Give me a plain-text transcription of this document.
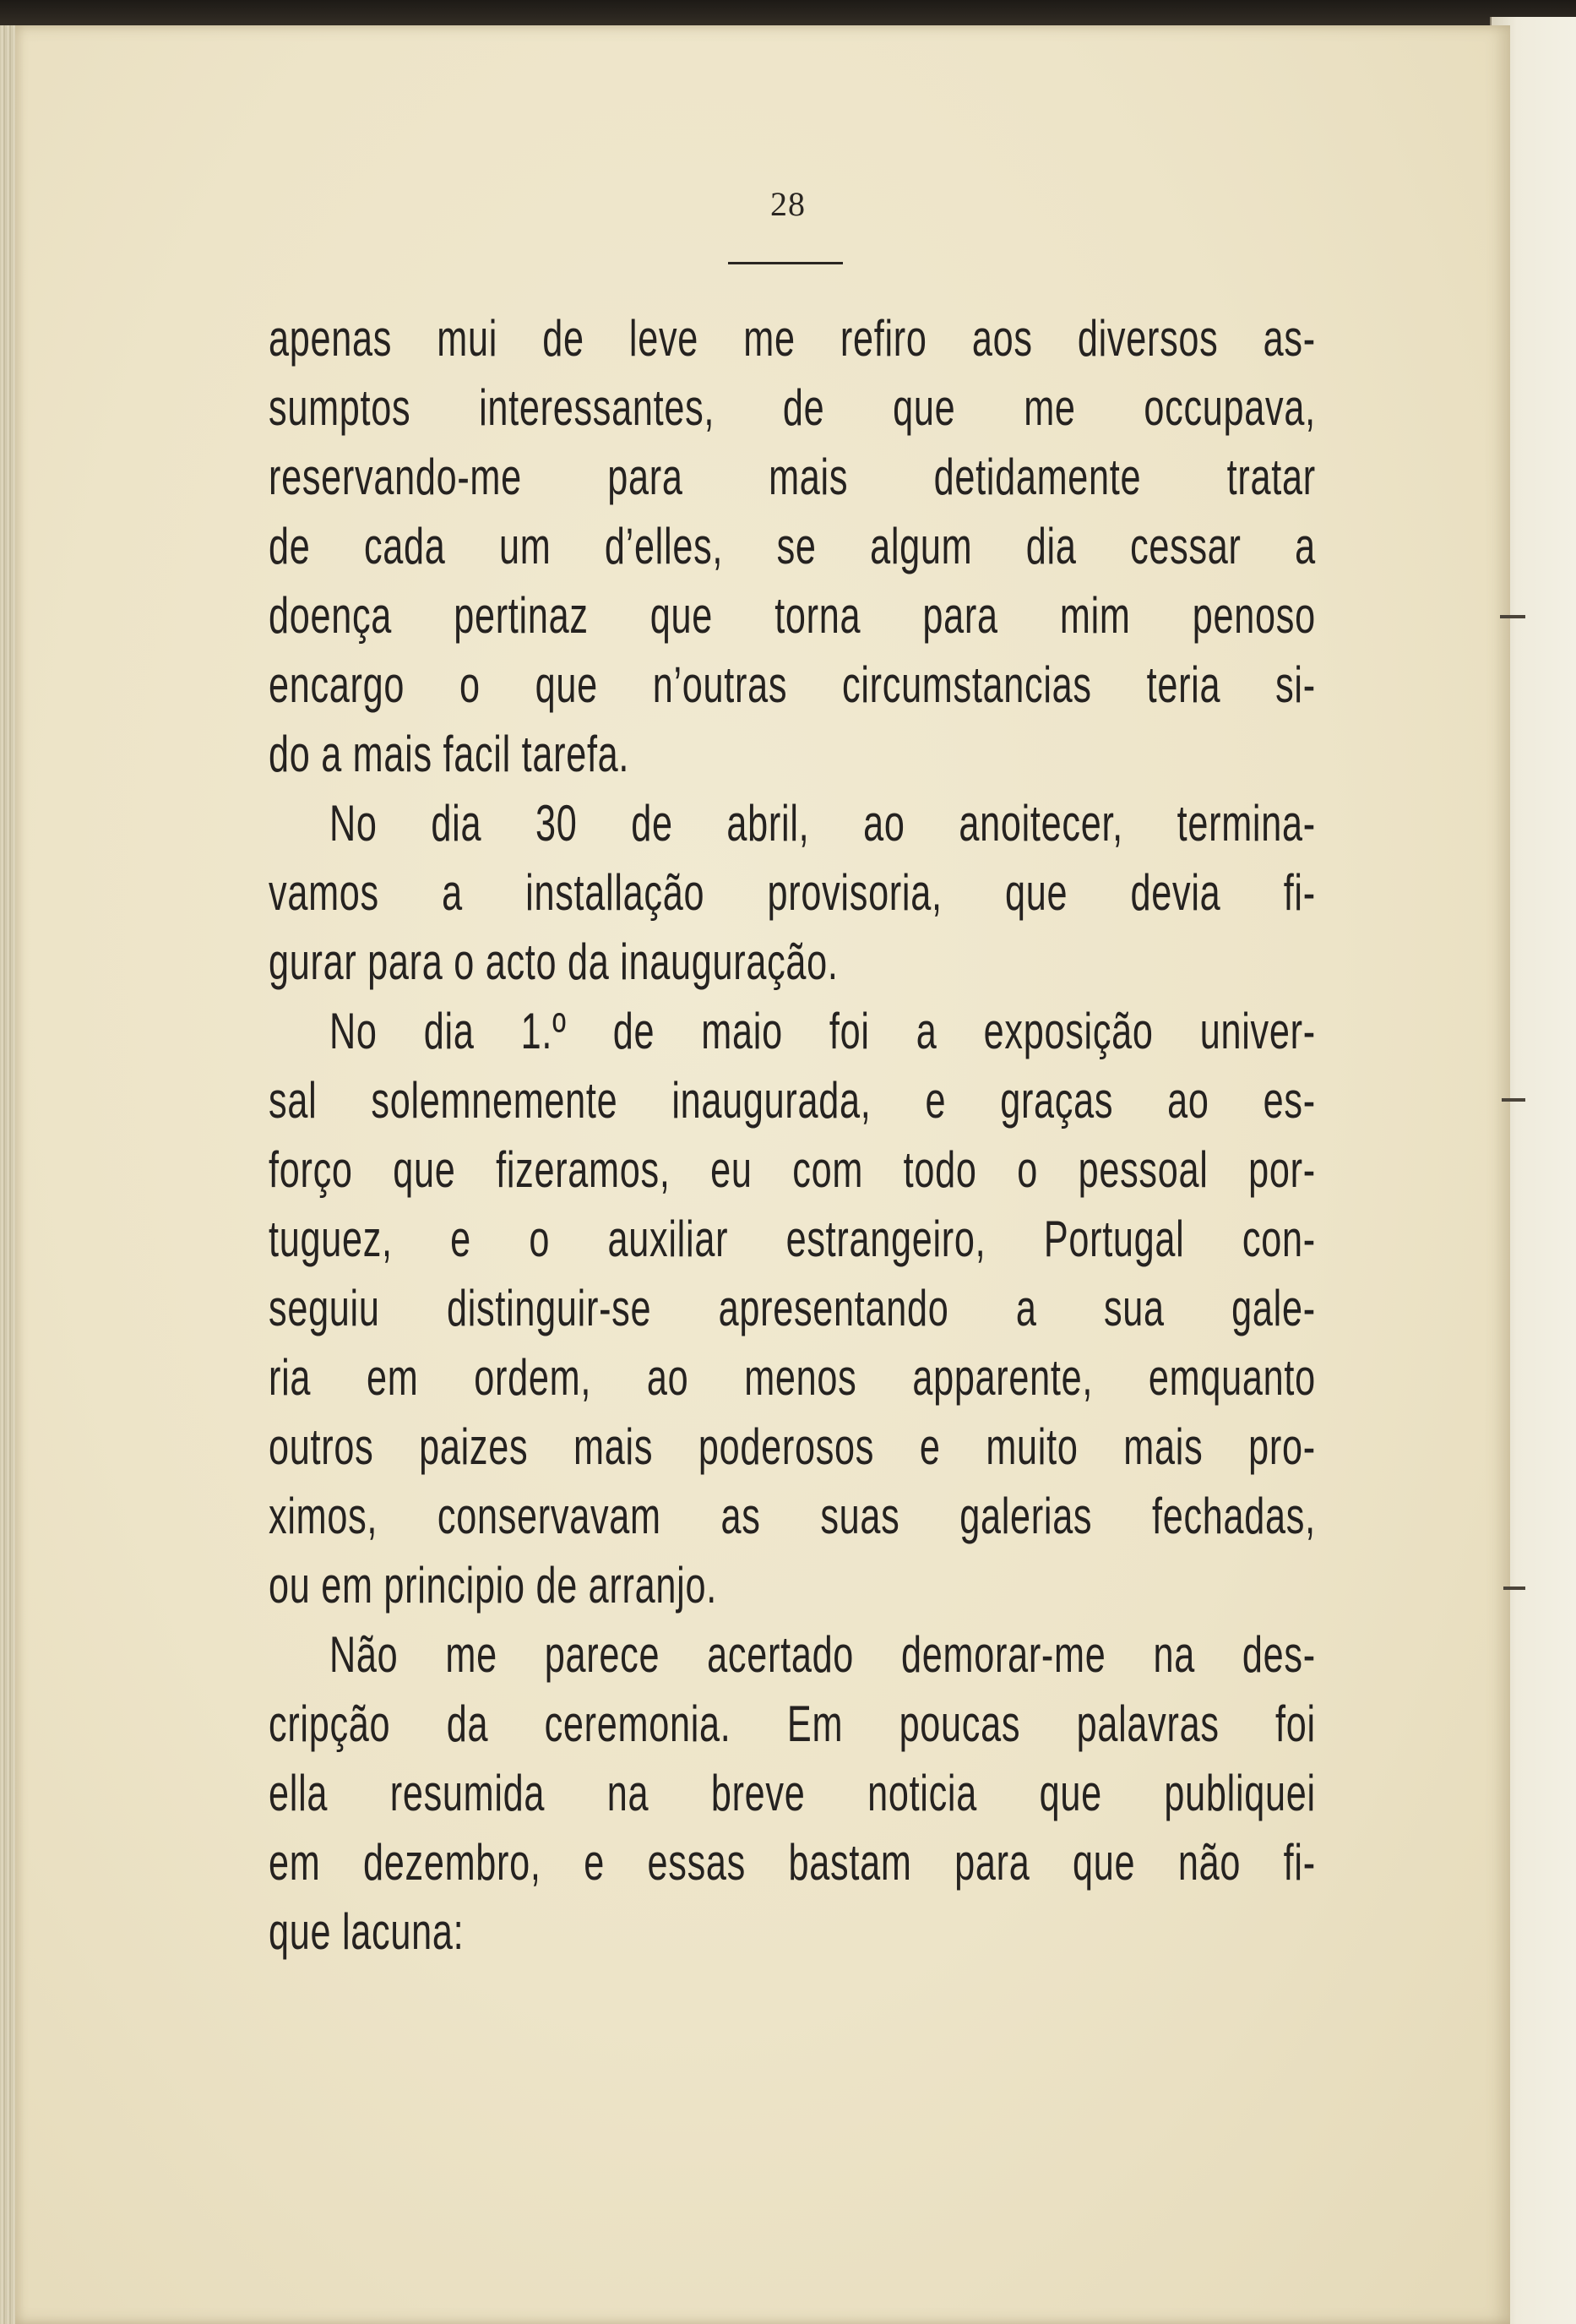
28
apenas mui de leve me refiro aos diversos as-
sumptos interessantes, de que me occupava,
reservando-me para mais detidamente tratar
de cada um d’elles, se algum dia cessar a
doença pertinaz que torna para mim penoso
encargo o que n’outras circumstancias teria si-
do a mais facil tarefa.
No dia 30 de abril, ao anoitecer, termina-
vamos a installação provisoria, que devia fi-
gurar para o acto da inauguração.
No dia 1.º de maio foi a exposição univer-
sal solemnemente inaugurada, e graças ao es-
forço que fizeramos, eu com todo o pessoal por-
tuguez, e o auxiliar estrangeiro, Portugal con-
seguiu distinguir-se apresentando a sua gale-
ria em ordem, ao menos apparente, emquanto
outros paizes mais poderosos e muito mais pro-
ximos, conservavam as suas galerias fechadas,
ou em principio de arranjo.
Não me parece acertado demorar-me na des-
cripção da ceremonia. Em poucas palavras foi
ella resumida na breve noticia que publiquei
em dezembro, e essas bastam para que não fi-
que lacuna:
